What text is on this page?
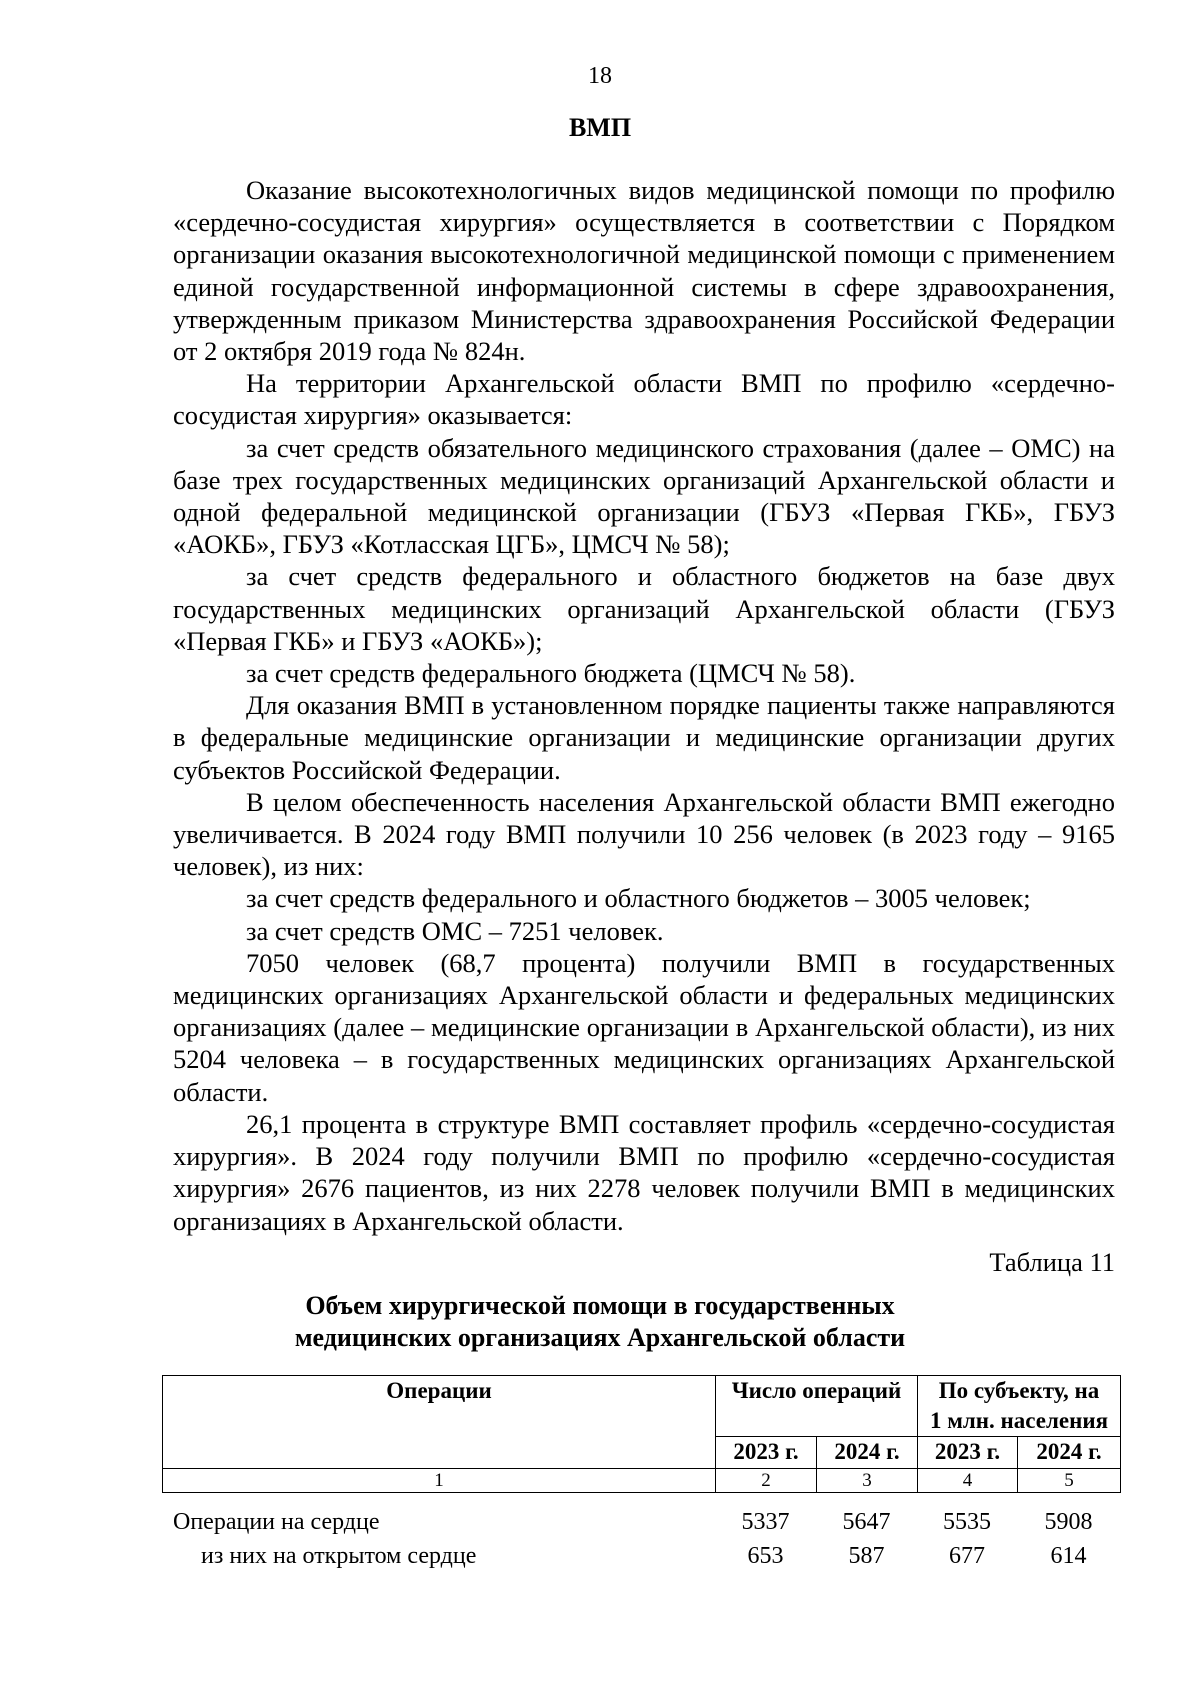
18
ВМП

Оказание высокотехнологичных видов медицинской помощи по профилю «сердечно-сосудистая хирургия» осуществляется в соответствии с Порядком организации оказания высокотехнологичной медицинской помощи с применением единой государственной информационной системы в сфере здравоохранения, утвержденным приказом Министерства здравоохранения Российской Федерации от 2 октября 2019 года № 824н.

На территории Архангельской области ВМП по профилю «сердечно-сосудистая хирургия» оказывается:

за счет средств обязательного медицинского страхования (далее – ОМС) на базе трех государственных медицинских организаций Архангельской области и одной федеральной медицинской организации (ГБУЗ «Первая ГКБ», ГБУЗ «АОКБ», ГБУЗ «Котласская ЦГБ», ЦМСЧ № 58);

за счет средств федерального и областного бюджетов на базе двух государственных медицинских организаций Архангельской области (ГБУЗ «Первая ГКБ» и ГБУЗ «АОКБ»);

за счет средств федерального бюджета (ЦМСЧ № 58).

Для оказания ВМП в установленном порядке пациенты также направляются в федеральные медицинские организации и медицинские организации других субъектов Российской Федерации.

В целом обеспеченность населения Архангельской области ВМП ежегодно увеличивается. В 2024 году ВМП получили 10 256 человек (в 2023 году – 9165 человек), из них:

за счет средств федерального и областного бюджетов – 3005 человек;

за счет средств ОМС – 7251 человек.

7050 человек (68,7 процента) получили ВМП в государственных медицинских организациях Архангельской области и федеральных медицинских организациях (далее – медицинские организации в Архангельской области), из них 5204 человека – в государственных медицинских организациях Архангельской области.

26,1 процента в структуре ВМП составляет профиль «сердечно-сосудистая хирургия». В 2024 году получили ВМП по профилю «сердечно-сосудистая хирургия» 2676 пациентов, из них 2278 человек получили ВМП в медицинских организациях в Архангельской области.

Таблица 11
Объем хирургической помощи в государственных
медицинских организациях Архангельской области
Операции	Число операций		По субъекту, на
1 млн. населения	

	2023 г.	2024 г.	2023 г.	2024 г.
1	2	3	4	5
Операции на сердце	5337	5647	5535	5908
из них на открытом сердце	653	587	677	614
